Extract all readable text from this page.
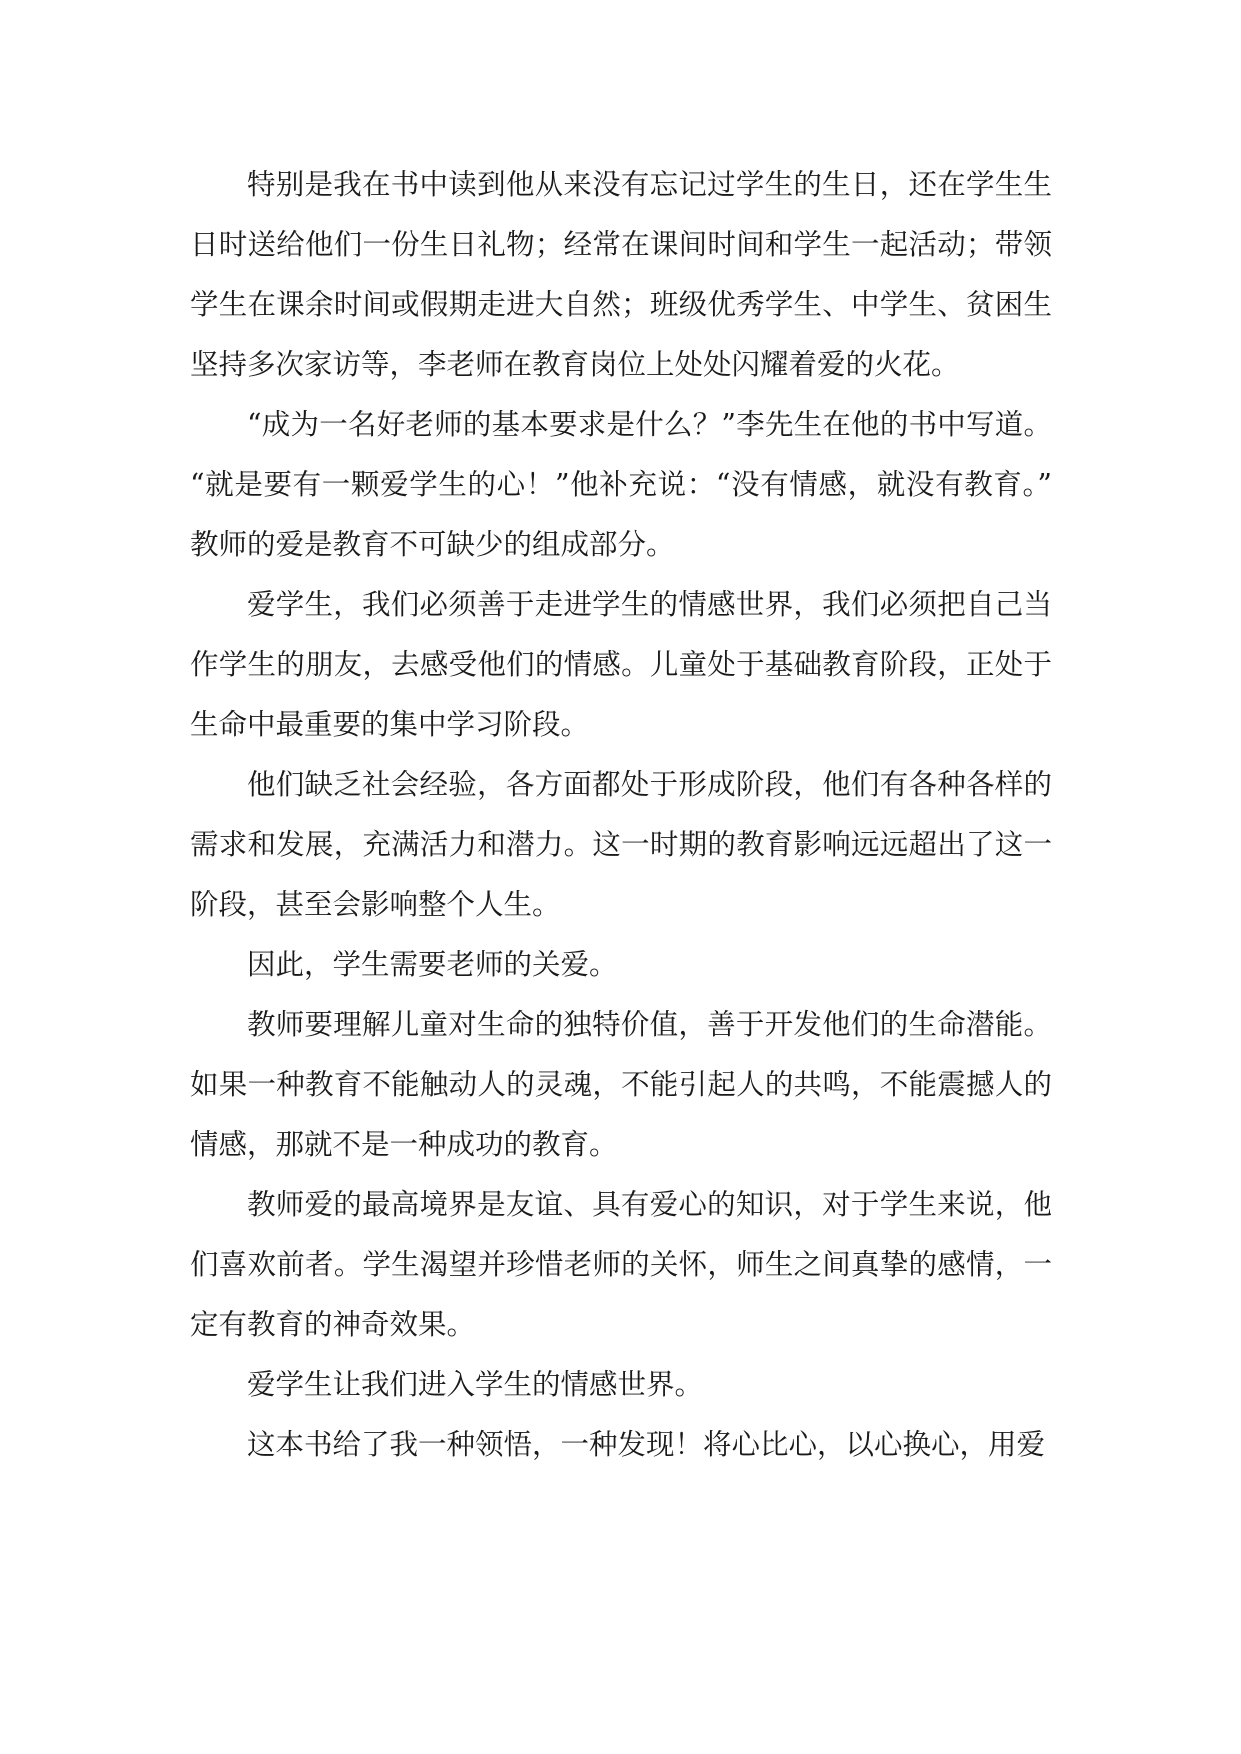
特别是我在书中读到他从来没有忘记过学生的生日，还在学生生日时送给他们一份生日礼物；经常在课间时间和学生一起活动；带领学生在课余时间或假期走进大自然；班级优秀学生、中学生、贫困生坚持多次家访等，李老师在教育岗位上处处闪耀着爱的火花。

“成为一名好老师的基本要求是什么？”李先生在他的书中写道。“就是要有一颗爱学生的心！”他补充说：“没有情感，就没有教育。”教师的爱是教育不可缺少的组成部分。

爱学生，我们必须善于走进学生的情感世界，我们必须把自己当作学生的朋友，去感受他们的情感。儿童处于基础教育阶段，正处于生命中最重要的集中学习阶段。

他们缺乏社会经验，各方面都处于形成阶段，他们有各种各样的需求和发展，充满活力和潜力。这一时期的教育影响远远超出了这一阶段，甚至会影响整个人生。

因此，学生需要老师的关爱。

教师要理解儿童对生命的独特价值，善于开发他们的生命潜能。如果一种教育不能触动人的灵魂，不能引起人的共鸣，不能震撼人的情感，那就不是一种成功的教育。

教师爱的最高境界是友谊、具有爱心的知识，对于学生来说，他们喜欢前者。学生渴望并珍惜老师的关怀，师生之间真挚的感情，一定有教育的神奇效果。

爱学生让我们进入学生的情感世界。

这本书给了我一种领悟，一种发现！将心比心，以心换心，用爱
